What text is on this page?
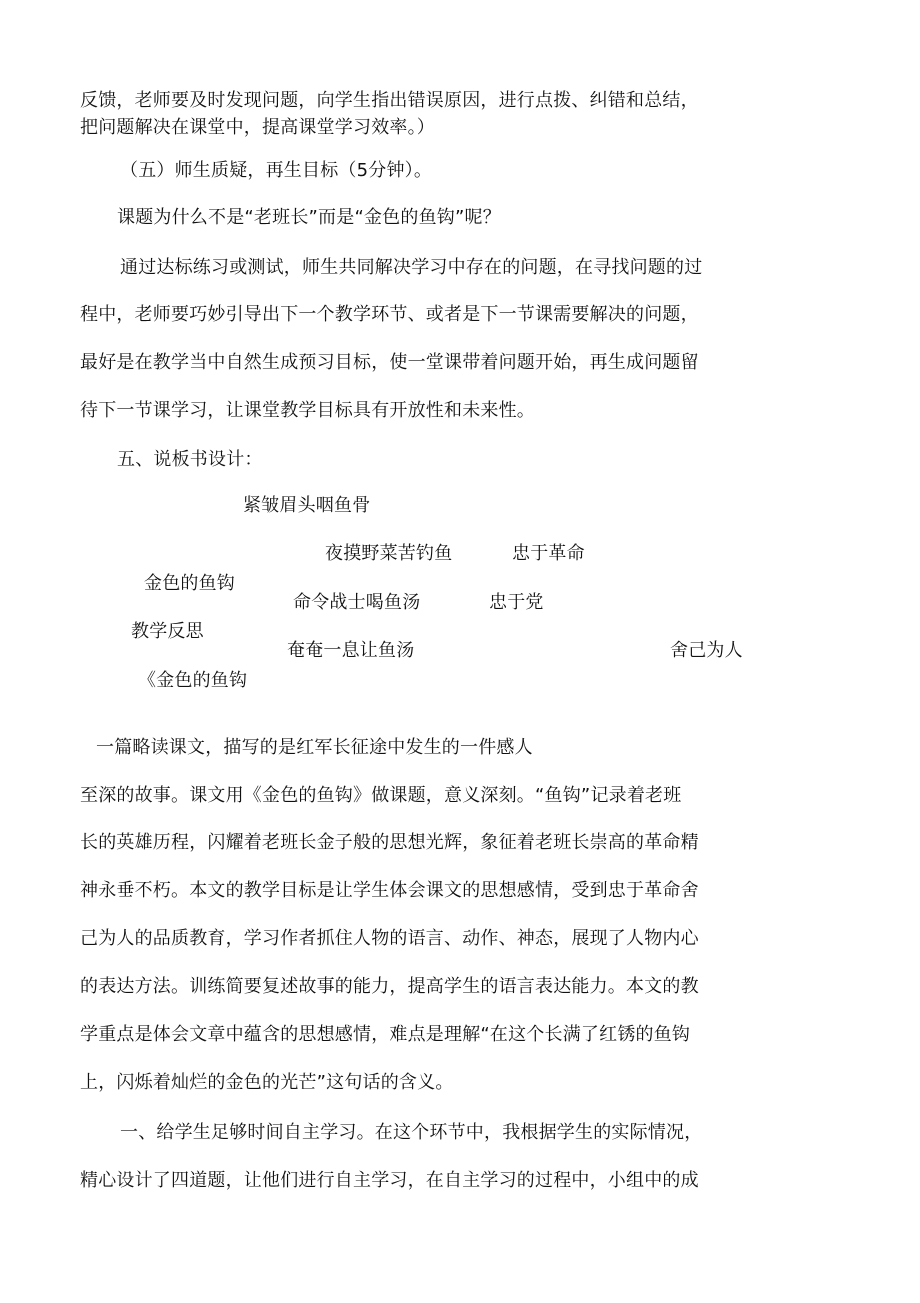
反馈，老师要及时发现问题，向学生指出错误原因，进行点拨、纠错和总结，
把问题解决在课堂中，提高课堂学习效率。）
（五）师生质疑，再生目标（5分钟）。
课题为什么不是“老班长”而是“金色的鱼钩”呢？
通过达标练习或测试，师生共同解决学习中存在的问题，在寻找问题的过
程中，老师要巧妙引导出下一个教学环节、或者是下一节课需要解决的问题，
最好是在教学当中自然生成预习目标，使一堂课带着问题开始，再生成问题留
待下一节课学习，让课堂教学目标具有开放性和未来性。
五、说板书设计：
紧皱眉头咽鱼骨
夜摸野菜苦钓鱼	忠于革命
金色的鱼钩
命令战士喝鱼汤	忠于党
教学反思
奄奄一息让鱼汤	舍己为人
《金色的鱼钩
一篇略读课文，描写的是红军长征途中发生的一件感人
至深的故事。课文用《金色的鱼钩》做课题，意义深刻。“鱼钩”记录着老班
长的英雄历程，闪耀着老班长金子般的思想光辉，象征着老班长崇高的革命精
神永垂不朽。本文的教学目标是让学生体会课文的思想感情，受到忠于革命舍
己为人的品质教育，学习作者抓住人物的语言、动作、神态，展现了人物内心
的表达方法。训练简要复述故事的能力，提高学生的语言表达能力。本文的教
学重点是体会文章中蕴含的思想感情，难点是理解“在这个长满了红锈的鱼钩
上，闪烁着灿烂的金色的光芒”这句话的含义。
一、给学生足够时间自主学习。在这个环节中，我根据学生的实际情况，
精心设计了四道题，让他们进行自主学习，在自主学习的过程中，小组中的成
